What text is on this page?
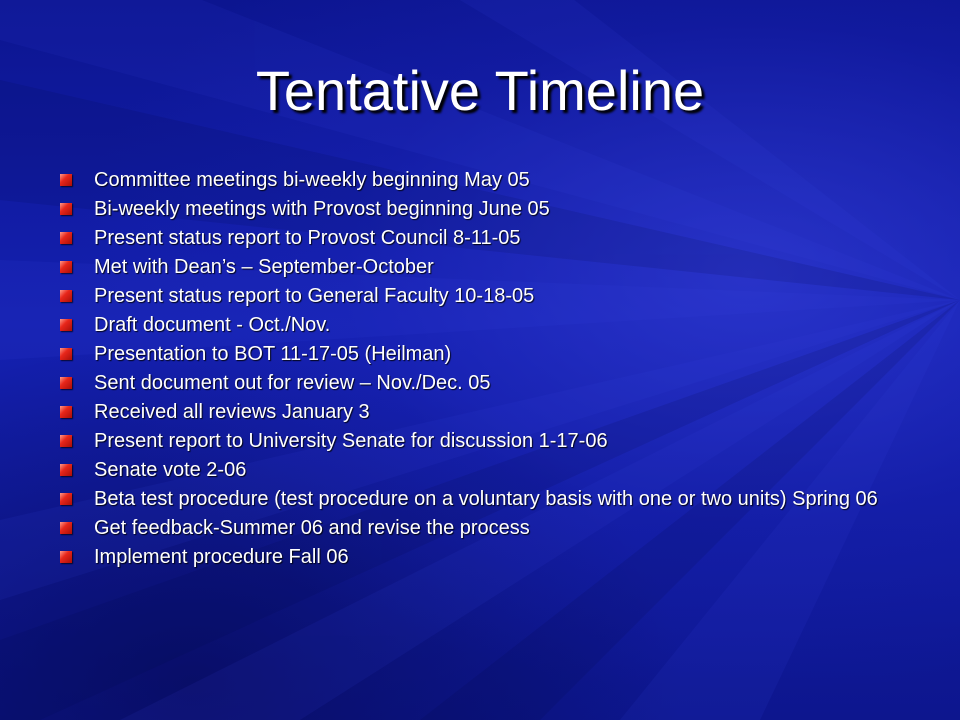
Tentative Timeline
Committee meetings bi-weekly beginning May 05
Bi-weekly meetings with Provost beginning June 05
Present status report to Provost Council 8-11-05
Met with Dean’s – September-October
Present status report to General Faculty 10-18-05
Draft document - Oct./Nov.
Presentation to BOT 11-17-05 (Heilman)
Sent document out for review – Nov./Dec. 05
Received all reviews January 3
Present report to University Senate for discussion 1-17-06
Senate vote 2-06
Beta test procedure (test procedure on a voluntary basis with one or two units) Spring 06
Get feedback-Summer 06 and revise the process
Implement procedure Fall 06
